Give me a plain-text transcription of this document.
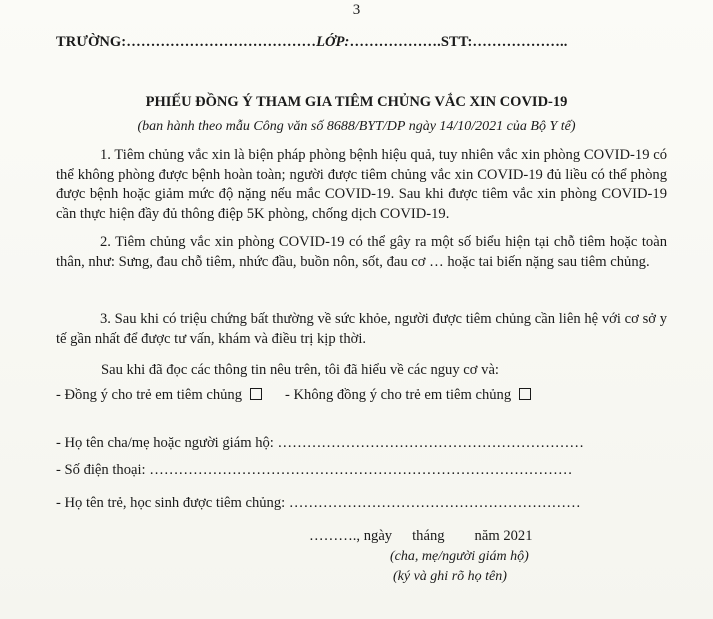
3
TRƯỜNG:…………………………………LỚP:……………….STT:………………..
PHIẾU ĐỒNG Ý THAM GIA TIÊM CHỦNG VẮC XIN COVID-19
(ban hành theo mẫu Công văn số 8688/BYT/DP ngày 14/10/2021 của Bộ Y tế)
1. Tiêm chủng vắc xin là biện pháp phòng bệnh hiệu quả, tuy nhiên vắc xin phòng COVID-19 có thể không phòng được bệnh hoàn toàn; người được tiêm chủng vắc xin COVID-19 đủ liều có thể phòng được bệnh hoặc giảm mức độ nặng nếu mắc COVID-19. Sau khi được tiêm vắc xin phòng COVID-19 cần thực hiện đầy đủ thông điệp 5K phòng, chống dịch COVID-19.
2. Tiêm chủng vắc xin phòng COVID-19 có thể gây ra một số biểu hiện tại chỗ tiêm hoặc toàn thân, như: Sưng, đau chỗ tiêm, nhức đầu, buồn nôn, sốt, đau cơ … hoặc tai biến nặng sau tiêm chủng.
3. Sau khi có triệu chứng bất thường về sức khỏe, người được tiêm chủng cần liên hệ với cơ sở y tế gần nhất để được tư vấn, khám và điều trị kịp thời.
Sau khi đã đọc các thông tin nêu trên, tôi đã hiểu về các nguy cơ và:
- Đồng ý cho trẻ em tiêm chủng	- Không đồng ý cho trẻ em tiêm chủng
- Họ tên cha/mẹ hoặc người giám hộ: ………………………………………………………
- Số điện thoại: ……………………………………………………………………………
- Họ tên trẻ, học sinh được tiêm chủng: ……………………………………………………
………., ngày tháng năm 2021
(cha, mẹ/người giám hộ)
(ký và ghi rõ họ tên)
